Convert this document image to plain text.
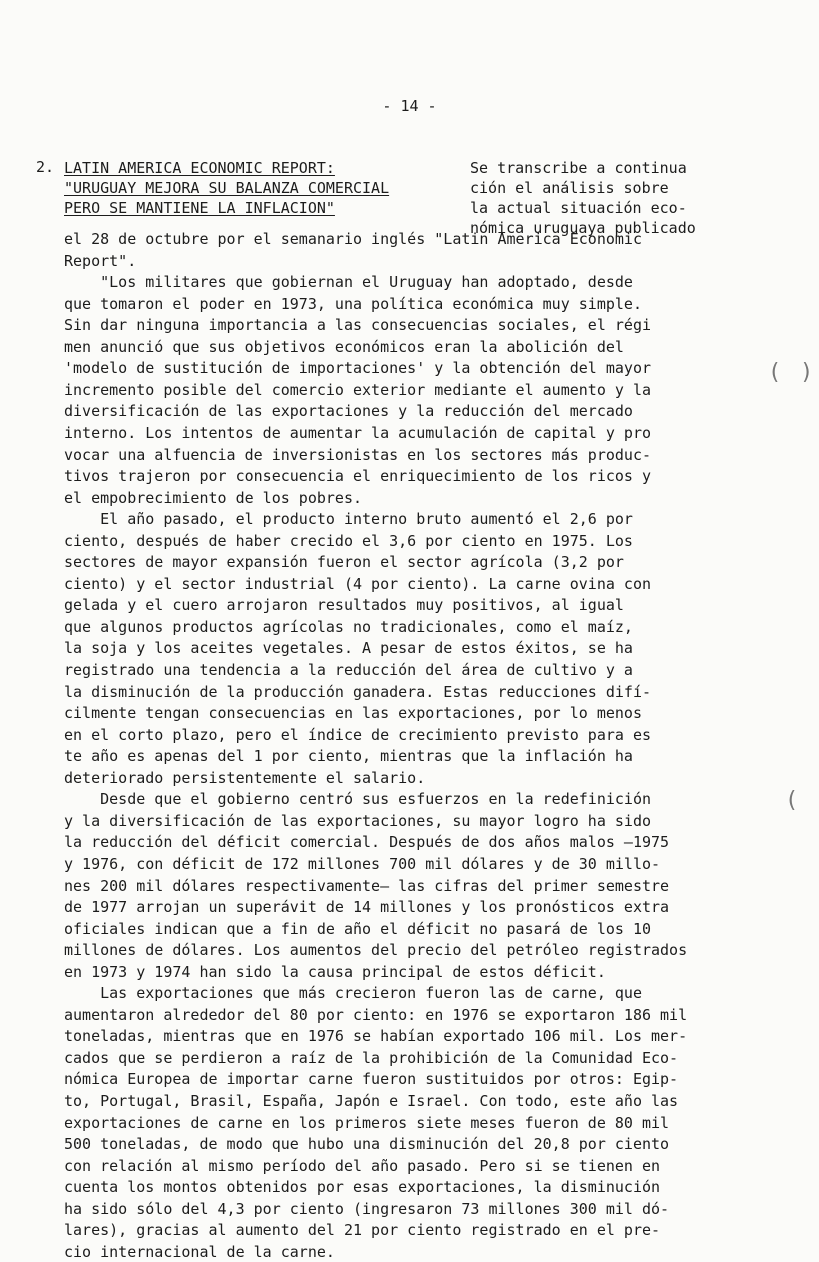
- 14 -
2. LATIN AMERICA ECONOMIC REPORT:
"URUGUAY MEJORA SU BALANZA COMERCIAL
PERO SE MANTIENE LA INFLACION"
Se transcribe a continua
ción el análisis sobre
la actual situación eco-
nómica uruguaya publicado
el 28 de octubre por el semanario inglés "Latin America Economic
Report".
"Los militares que gobiernan el Uruguay han adoptado, desde
que tomaron el poder en 1973, una política económica muy simple.
Sin dar ninguna importancia a las consecuencias sociales, el régi
men anunció que sus objetivos económicos eran la abolición del
'modelo de sustitución de importaciones' y la obtención del mayor
incremento posible del comercio exterior mediante el aumento y la
diversificación de las exportaciones y la reducción del mercado
interno. Los intentos de aumentar la acumulación de capital y pro
vocar una alfuencia de inversionistas en los sectores más produc-
tivos trajeron por consecuencia el enriquecimiento de los ricos y
el empobrecimiento de los pobres.
El año pasado, el producto interno bruto aumentó el 2,6 por
ciento, después de haber crecido el 3,6 por ciento en 1975. Los
sectores de mayor expansión fueron el sector agrícola (3,2 por
ciento) y el sector industrial (4 por ciento). La carne ovina con
gelada y el cuero arrojaron resultados muy positivos, al igual
que algunos productos agrícolas no tradicionales, como el maíz,
la soja y los aceites vegetales. A pesar de estos éxitos, se ha
registrado una tendencia a la reducción del área de cultivo y a
la disminución de la producción ganadera. Estas reducciones difí-
cilmente tengan consecuencias en las exportaciones, por lo menos
en el corto plazo, pero el índice de crecimiento previsto para es
te año es apenas del 1 por ciento, mientras que la inflación ha
deteriorado persistentemente el salario.
Desde que el gobierno centró sus esfuerzos en la redefinición
y la diversificación de las exportaciones, su mayor logro ha sido
la reducción del déficit comercial. Después de dos años malos —1975
y 1976, con déficit de 172 millones 700 mil dólares y de 30 millo-
nes 200 mil dólares respectivamente— las cifras del primer semestre
de 1977 arrojan un superávit de 14 millones y los pronósticos extra
oficiales indican que a fin de año el déficit no pasará de los 10
millones de dólares. Los aumentos del precio del petróleo registrados
en 1973 y 1974 han sido la causa principal de estos déficit.
Las exportaciones que más crecieron fueron las de carne, que
aumentaron alrededor del 80 por ciento: en 1976 se exportaron 186 mil
toneladas, mientras que en 1976 se habían exportado 106 mil. Los mer-
cados que se perdieron a raíz de la prohibición de la Comunidad Eco-
nómica Europea de importar carne fueron sustituidos por otros: Egip-
to, Portugal, Brasil, España, Japón e Israel. Con todo, este año las
exportaciones de carne en los primeros siete meses fueron de 80 mil
500 toneladas, de modo que hubo una disminución del 20,8 por ciento
con relación al mismo período del año pasado. Pero si se tienen en
cuenta los montos obtenidos por esas exportaciones, la disminución
ha sido sólo del 4,3 por ciento (ingresaron 73 millones 300 mil dó-
lares), gracias al aumento del 21 por ciento registrado en el pre-
cio internacional de la carne.
( )
(
